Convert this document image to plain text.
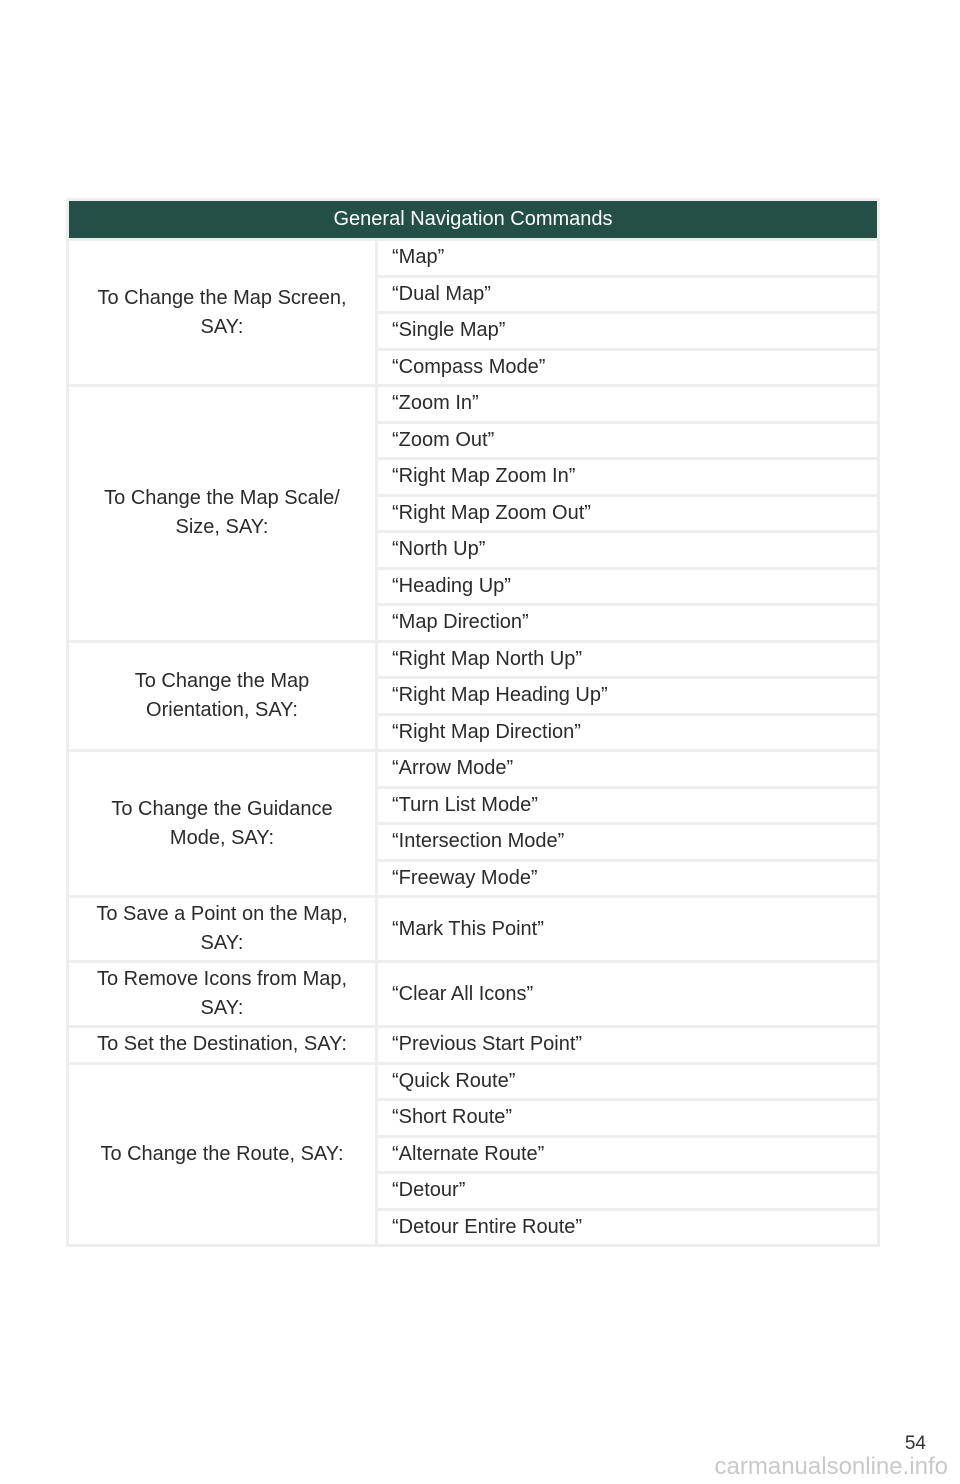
General Navigation Commands
To Change the Map Screen,
SAY:
“Map”
“Dual Map”
“Single Map”
“Compass Mode”
To Change the Map Scale/
Size, SAY:
“Zoom In”
“Zoom Out”
“Right Map Zoom In”
“Right Map Zoom Out”
“North Up”
“Heading Up”
“Map Direction”
To Change the Map
Orientation, SAY:
“Right Map North Up”
“Right Map Heading Up”
“Right Map Direction”
To Change the Guidance
Mode, SAY:
“Arrow Mode”
“Turn List Mode”
“Intersection Mode”
“Freeway Mode”
To Save a Point on the Map,
SAY:
“Mark This Point”
To Remove Icons from Map,
SAY:
“Clear All Icons”
To Set the Destination, SAY:	“Previous Start Point”
To Change the Route, SAY:
“Quick Route”
“Short Route”
“Alternate Route”
“Detour”
“Detour Entire Route”
54
carmanualsonline.info
